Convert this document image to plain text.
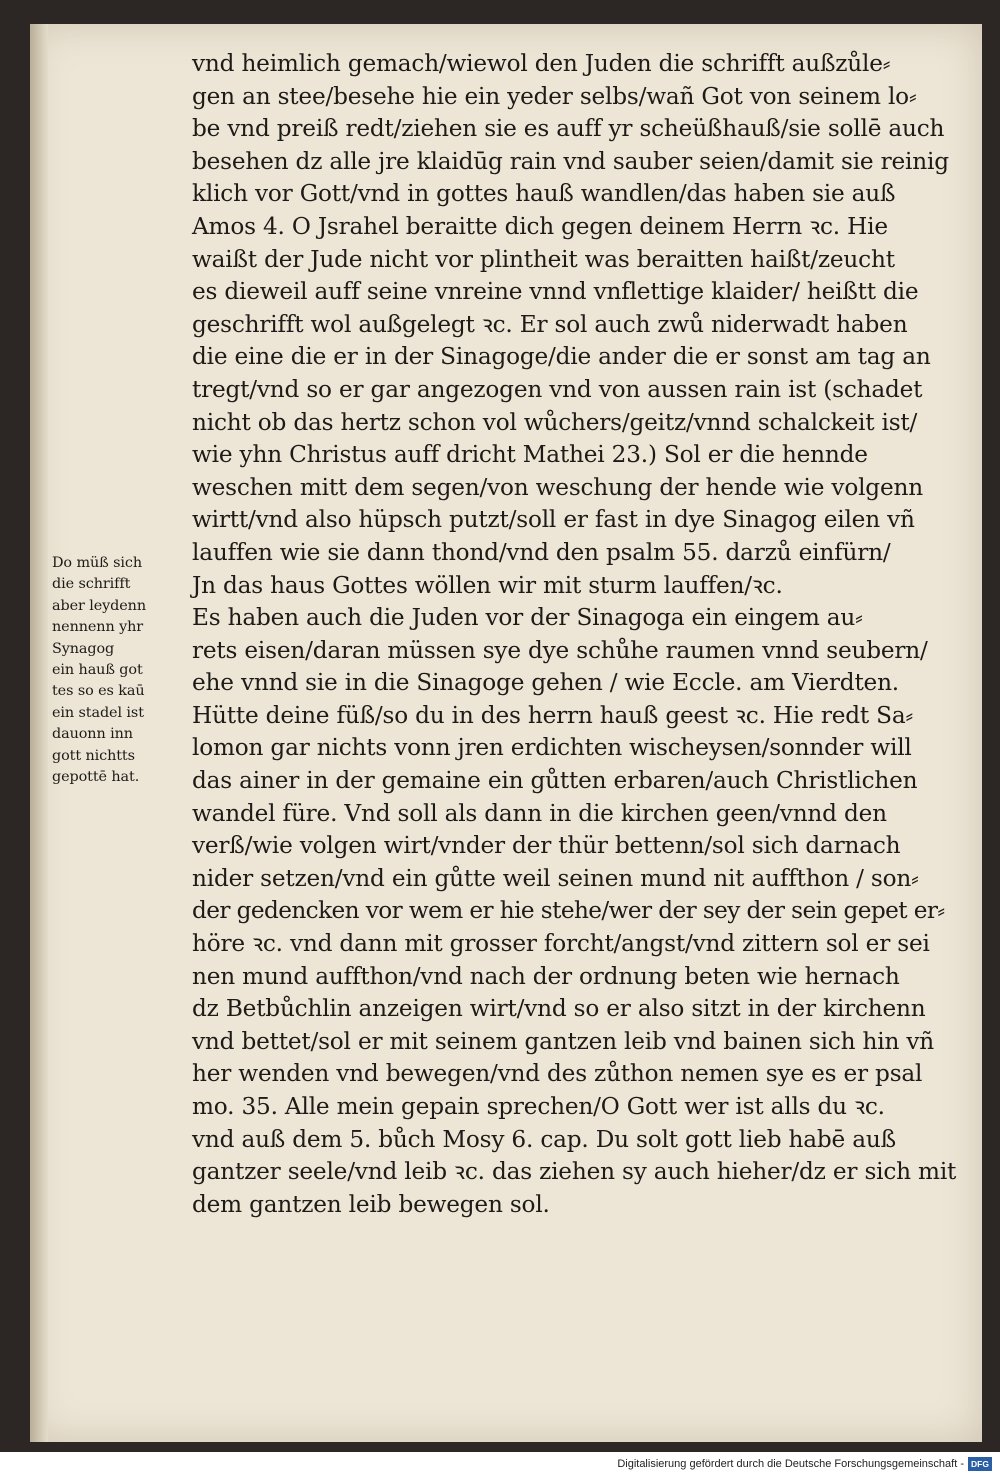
vnd heimlich gemach/wiewol den Juden die schrifft außzůle⸗
gen an stee/besehe hie ein yeder selbs/wañ Got von seinem lo⸗
be vnd preiß redt/ziehen sie es auff yr scheüßhauß/sie sollē auch
besehen dz alle jre klaidūg rain vnd sauber seien/damit sie reinig
klich vor Gott/vnd in gottes hauß wandlen/das haben sie auß
Amos 4. O Jsrahel beraitte dich gegen deinem Herrn ꝛc. Hie
waißt der Jude nicht vor plintheit was beraitten haißt/zeucht
es dieweil auff seine vnreine vnnd vnflettige klaider/ heißtt die
geschrifft wol außgelegt ꝛc. Er sol auch zwů niderwadt haben
die eine die er in der Sinagoge/die ander die er sonst am tag an
tregt/vnd so er gar angezogen vnd von aussen rain ist (schadet
nicht ob das hertz schon vol wůchers/geitz/vnnd schalckeit ist/
wie yhn Christus auff dricht Mathei 23.) Sol er die hennde
weschen mitt dem segen/von weschung der hende wie volgenn
wirtt/vnd also hüpsch putzt/soll er fast in dye Sinagog eilen vñ
lauffen wie sie dann thond/vnd den psalm 55. darzů einfürn/
Jn das haus Gottes wöllen wir mit sturm lauffen/ꝛc.
Es haben auch die Juden vor der Sinagoga ein eingem au⸗
rets eisen/daran müssen sye dye schůhe raumen vnnd seubern/
ehe vnnd sie in die Sinagoge gehen / wie Eccle. am Vierdten.
Hütte deine füß/so du in des herrn hauß geest ꝛc. Hie redt Sa⸗
lomon gar nichts vonn jren erdichten wischeysen/sonnder will
das ainer in der gemaine ein gůtten erbaren/auch Christlichen
wandel füre. Vnd soll als dann in die kirchen geen/vnnd den
verß/wie volgen wirt/vnder der thür bettenn/sol sich darnach
nider setzen/vnd ein gůtte weil seinen mund nit auffthon / son⸗
der gedencken vor wem er hie stehe/wer der sey der sein gepet er⸗
höre ꝛc. vnd dann mit grosser forcht/angst/vnd zittern sol er sei
nen mund auffthon/vnd nach der ordnung beten wie hernach
dz Betbůchlin anzeigen wirt/vnd so er also sitzt in der kirchenn
vnd bettet/sol er mit seinem gantzen leib vnd bainen sich hin vñ
her wenden vnd bewegen/vnd des zůthon nemen sye es er psal
mo. 35. Alle mein gepain sprechen/O Gott wer ist alls du ꝛc.
vnd auß dem 5. bůch Mosy 6. cap. Du solt gott lieb habē auß
gantzer seele/vnd leib ꝛc. das ziehen sy auch hieher/dz er sich mit
dem gantzen leib bewegen sol.
Do müß sich
die schrifft
aber leydenn
nennenn yhr
Synagog
ein hauß got
tes so es kaū
ein stadel ist
dauonn inn
gott nichtts
gepottē hat.
Digitalisierung gefördert durch die Deutsche Forschungsgemeinschaft - DFG
